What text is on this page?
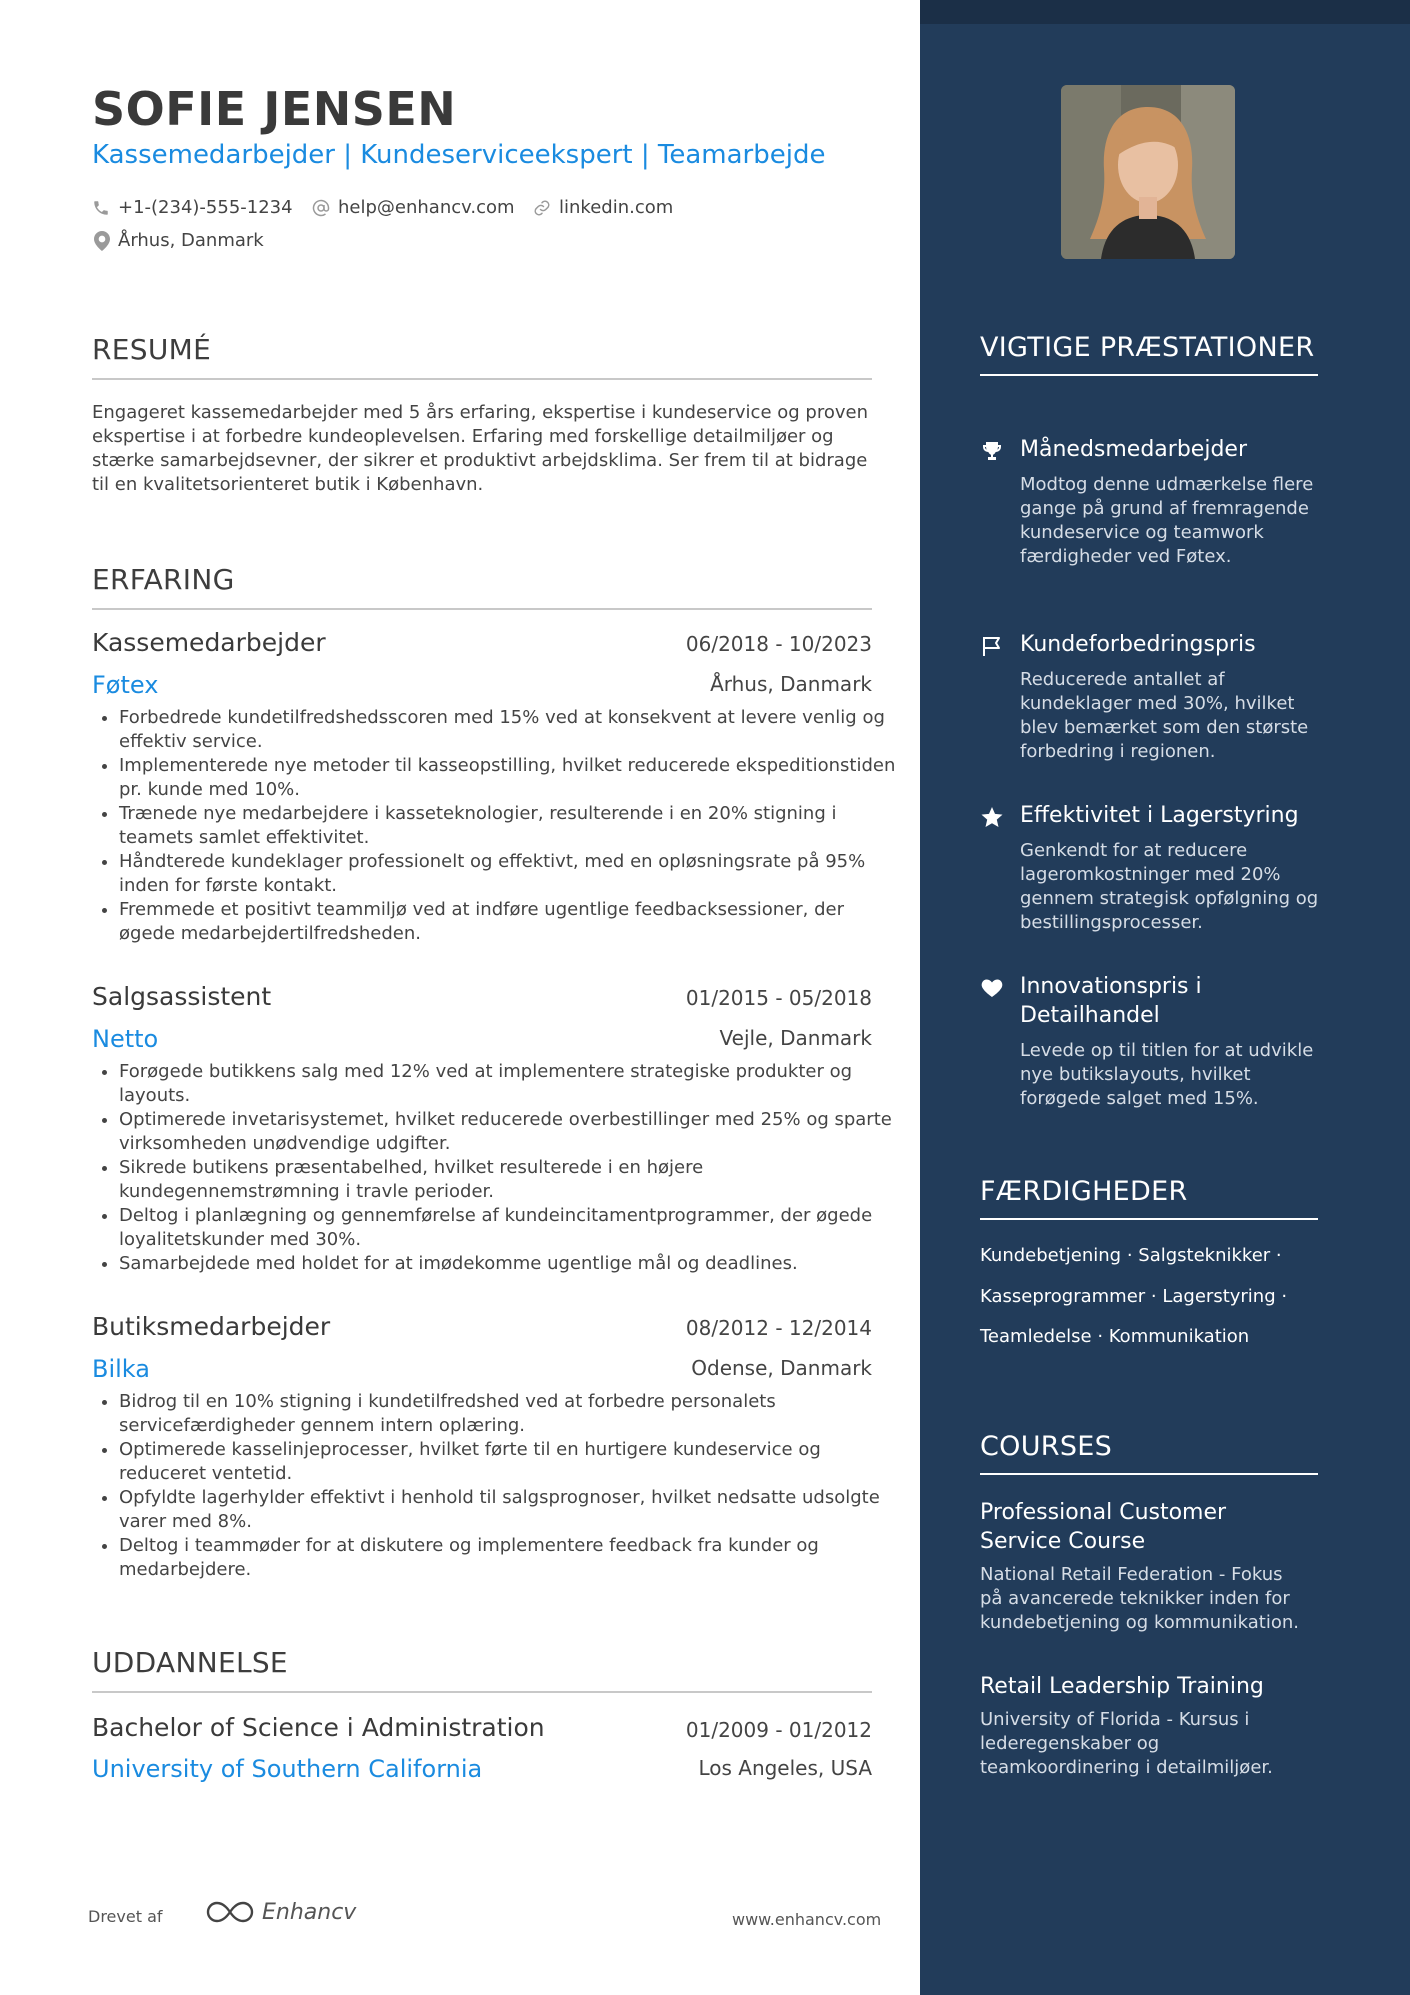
SOFIE JENSEN
Kassemedarbejder | Kundeserviceekspert | Teamarbejde
+1-(234)-555-1234	help@enhancv.com linkedin.com
Århus, Danmark
RESUMÉ

Engageret kassemedarbejder med 5 års erfaring, ekspertise i kundeservice og proven ekspertise i at forbedre kundeoplevelsen. Erfaring med forskellige detailmiljøer og stærke samarbejdsevner, der sikrer et produktivt arbejdsklima. Ser frem til at bidrage til en kvalitetsorienteret butik i København.

ERFARING
Kassemedarbejder	06/2018 - 10/2023
Føtex	Århus, Danmark
• Forbedrede kundetilfredshedsscoren med 15% ved at konsekvent at levere venlig og effektiv service.
• Implementerede nye metoder til kasseopstilling, hvilket reducerede ekspeditionstiden pr. kunde med 10%.
• Trænede nye medarbejdere i kasseteknologier, resulterende i en 20% stigning i teamets samlet effektivitet.
• Håndterede kundeklager professionelt og effektivt, med en opløsningsrate på 95% inden for første kontakt.
• Fremmede et positivt teammiljø ved at indføre ugentlige feedbacksessioner, der øgede medarbejdertilfredsheden.
Salgsassistent	01/2015 - 05/2018
Netto	Vejle, Danmark
• Forøgede butikkens salg med 12% ved at implementere strategiske produkter og layouts.
• Optimerede invetarisystemet, hvilket reducerede overbestillinger med 25% og sparte virksomheden unødvendige udgifter.
• Sikrede butikens præsentabelhed, hvilket resulterede i en højere kundegennemstrømning i travle perioder.
• Deltog i planlægning og gennemførelse af kundeincitamentprogrammer, der øgede loyalitetskunder med 30%.
• Samarbejdede med holdet for at imødekomme ugentlige mål og deadlines.
Butiksmedarbejder	08/2012 - 12/2014
Bilka	Odense, Danmark
• Bidrog til en 10% stigning i kundetilfredshed ved at forbedre personalets servicefærdigheder gennem intern oplæring.
• Optimerede kasselinjeprocesser, hvilket førte til en hurtigere kundeservice og reduceret ventetid.
• Opfyldte lagerhylder effektivt i henhold til salgsprognoser, hvilket nedsatte udsolgte varer med 8%.
• Deltog i teammøder for at diskutere og implementere feedback fra kunder og medarbejdere.
UDDANNELSE
Bachelor of Science i Administration	01/2009 - 01/2012
University of Southern California	Los Angeles, USA
Drevet af	Enhancv	www.enhancv.com
VIGTIGE PRÆSTATIONER
Månedsmedarbejder

Modtog denne udmærkelse flere gange på grund af fremragende kundeservice og teamwork færdigheder ved Føtex.

Kundeforbedringspris

Reducerede antallet af kundeklager med 30%, hvilket blev bemærket som den største forbedring i regionen.

Effektivitet i Lagerstyring

Genkendt for at reducere lageromkostninger med 20% gennem strategisk opfølgning og bestillingsprocesser.

Innovationspris i Detailhandel

Levede op til titlen for at udvikle nye butikslayouts, hvilket forøgede salget med 15%.

FÆRDIGHEDER
Kundebetjening · Salgsteknikker ·
Kasseprogrammer · Lagerstyring ·
Teamledelse · Kommunikation
COURSES
Professional Customer Service Course

National Retail Federation - Fokus på avancerede teknikker inden for kundebetjening og kommunikation.

Retail Leadership Training

University of Florida - Kursus i lederegenskaber og teamkoordinering i detailmiljøer.
